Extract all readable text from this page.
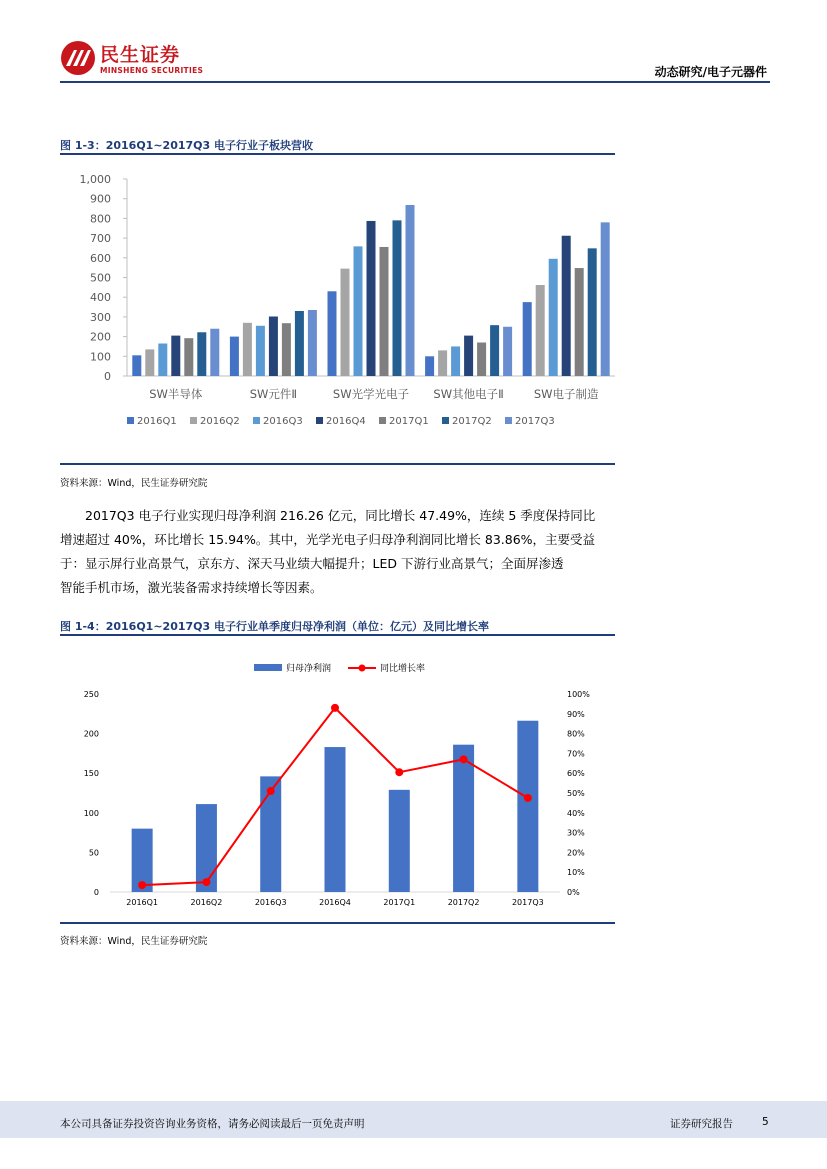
民生证券
MINSHENG SECURITIES	动态研究/电子元器件
图 1-3：2016Q1~2017Q3 电子行业子板块营收
0
100
200
300
400
500
600
700
800
900
1,000
SW半导体	SW元件Ⅱ	SW光学光电子 SW其他电子Ⅱ	SW电子制造
2016Q1 2016Q2 2016Q3 2016Q4 2017Q1 2017Q2 2017Q3
资料来源：Wind，民生证券研究院
2017Q3 电子行业实现归母净利润 216.26 亿元，同比增长 47.49%，连续 5 季度保持同比
增速超过 40%，环比增长 15.94%。其中，光学光电子归母净利润同比增长 83.86%，主要受益
于：显示屏行业高景气，京东方、深天马业绩大幅提升；LED 下游行业高景气；全面屏渗透
智能手机市场，激光装备需求持续增长等因素。
图 1-4：2016Q1~2017Q3 电子行业单季度归母净利润（单位：亿元）及同比增长率
0
50
100
150
200
250
0%
10%
20%
30%
40%
50%
60%
70%
80%
90%
100%
2016Q1	2016Q2	2016Q3	2016Q4	2017Q1	2017Q2	2017Q3
归母净利润	同比增长率
资料来源：Wind，民生证券研究院
本公司具备证券投资咨询业务资格，请务必阅读最后一页免责声明	证券研究报告	5
